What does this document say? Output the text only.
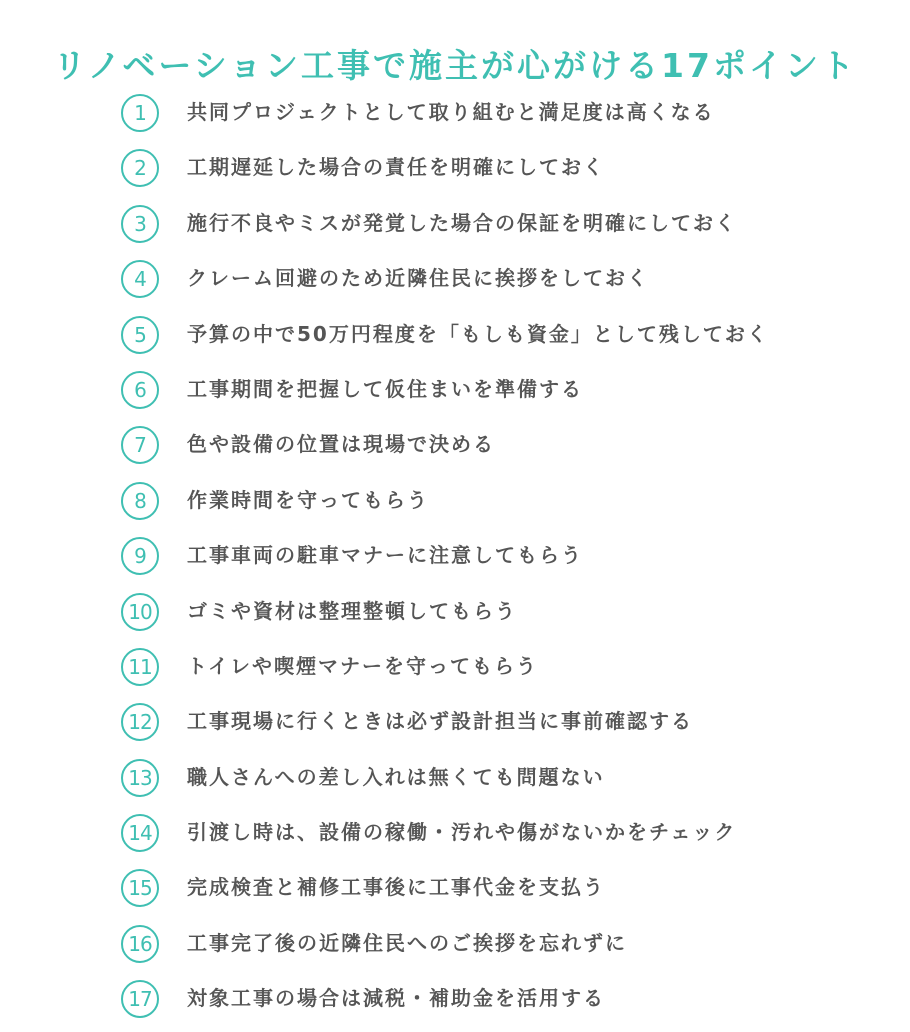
リノベーション工事で施主が心がける17ポイント
1	共同プロジェクトとして取り組むと満足度は高くなる
2	工期遅延した場合の責任を明確にしておく
3	施行不良やミスが発覚した場合の保証を明確にしておく
4	クレーム回避のため近隣住民に挨拶をしておく
5	予算の中で50万円程度を「もしも資金」として残しておく
6	工事期間を把握して仮住まいを準備する
7	色や設備の位置は現場で決める
8	作業時間を守ってもらう
9	工事車両の駐車マナーに注意してもらう
10	ゴミや資材は整理整頓してもらう
11	トイレや喫煙マナーを守ってもらう
12	工事現場に行くときは必ず設計担当に事前確認する
13	職人さんへの差し入れは無くても問題ない
14	引渡し時は、設備の稼働・汚れや傷がないかをチェック
15	完成検査と補修工事後に工事代金を支払う
16	工事完了後の近隣住民へのご挨拶を忘れずに
17	対象工事の場合は減税・補助金を活用する
